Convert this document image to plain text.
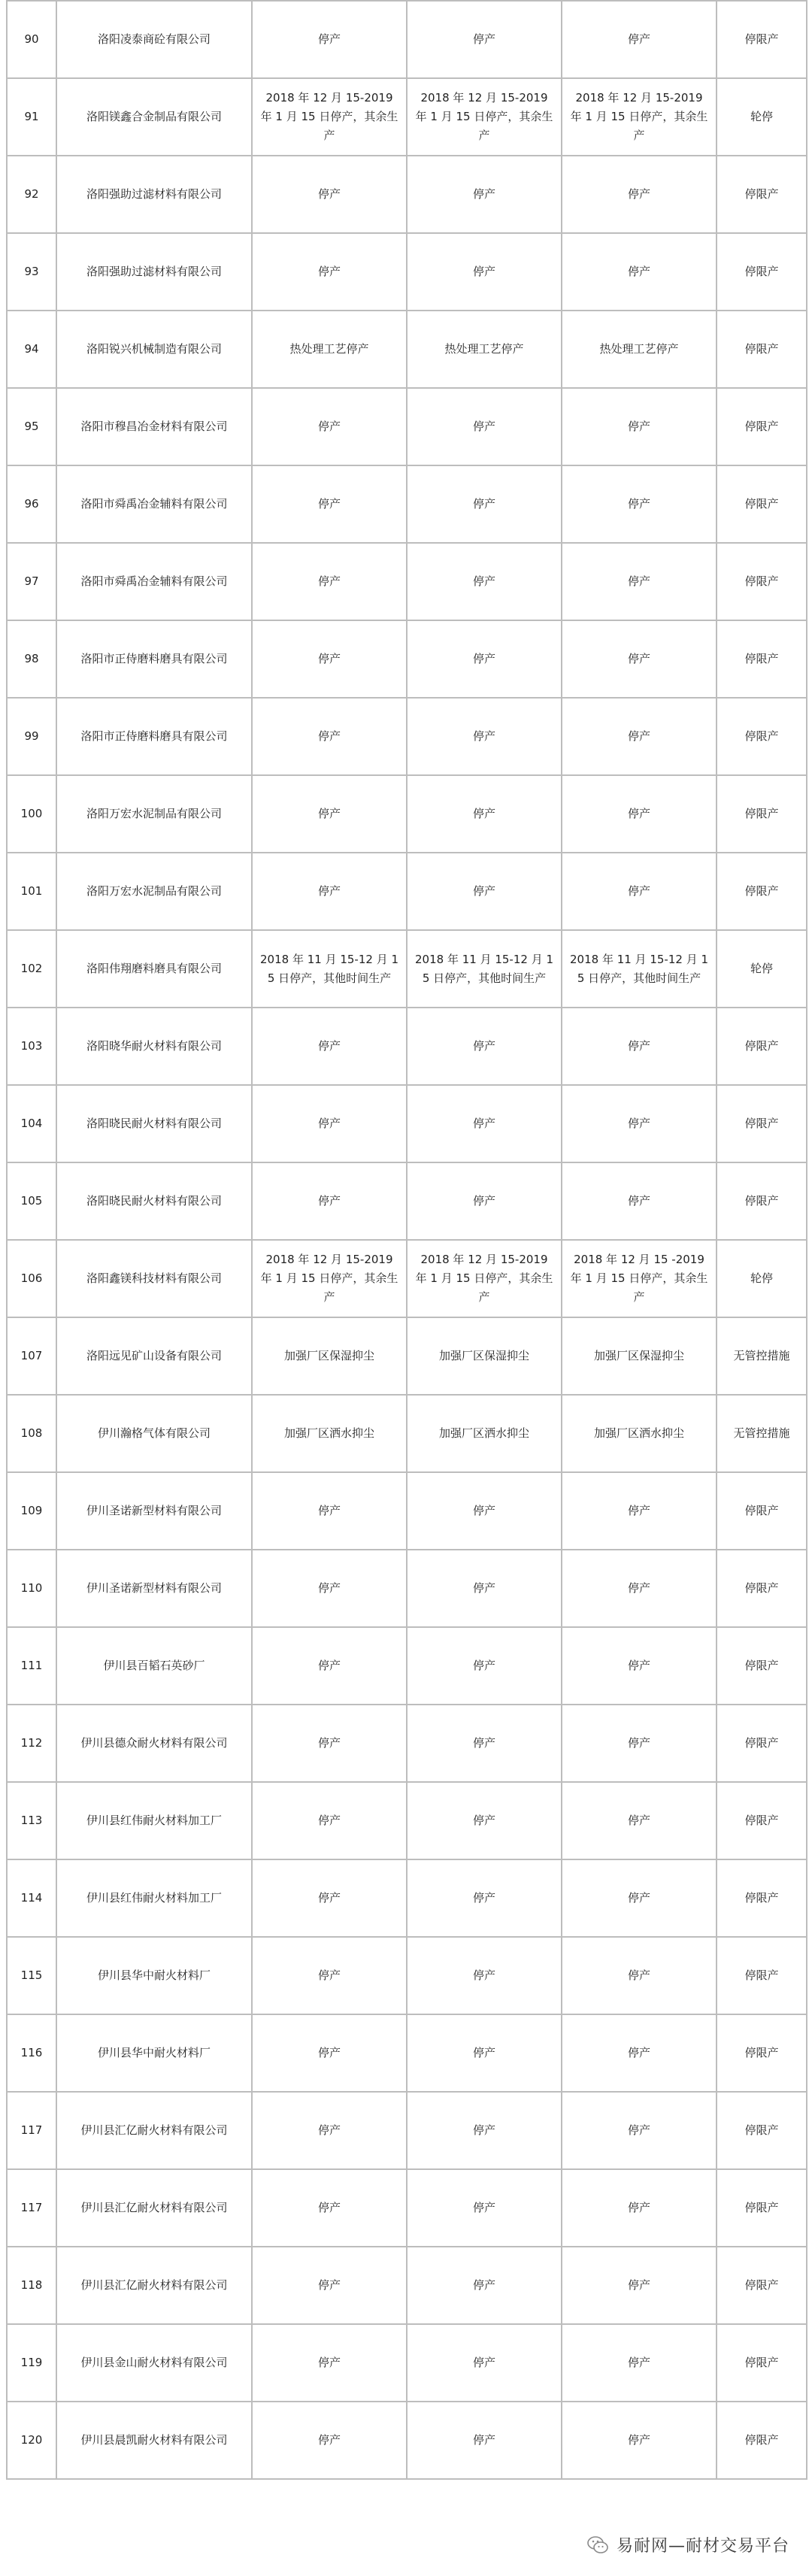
90	洛阳凌泰商砼有限公司	停产	停产	停产	停限产
91	洛阳镁鑫合金制品有限公司	2018 年 12 月 15-2019 年 1 月 15 日停产，其余生产	2018 年 12 月 15-2019 年 1 月 15 日停产，其余生产	2018 年 12 月 15-2019 年 1 月 15 日停产，其余生产	轮停
92	洛阳强助过滤材料有限公司	停产	停产	停产	停限产
93	洛阳强助过滤材料有限公司	停产	停产	停产	停限产
94	洛阳锐兴机械制造有限公司	热处理工艺停产	热处理工艺停产	热处理工艺停产	停限产
95	洛阳市穆昌冶金材料有限公司	停产	停产	停产	停限产
96	洛阳市舜禹冶金辅料有限公司	停产	停产	停产	停限产
97	洛阳市舜禹冶金辅料有限公司	停产	停产	停产	停限产
98	洛阳市正侍磨料磨具有限公司	停产	停产	停产	停限产
99	洛阳市正侍磨料磨具有限公司	停产	停产	停产	停限产
100	洛阳万宏水泥制品有限公司	停产	停产	停产	停限产
101	洛阳万宏水泥制品有限公司	停产	停产	停产	停限产
102	洛阳伟翔磨料磨具有限公司	2018 年 11 月 15-12 月 15 日停产，其他时间生产	2018 年 11 月 15-12 月 15 日停产，其他时间生产	2018 年 11 月 15-12 月 15 日停产，其他时间生产	轮停
103	洛阳晓华耐火材料有限公司	停产	停产	停产	停限产
104	洛阳晓民耐火材料有限公司	停产	停产	停产	停限产
105	洛阳晓民耐火材料有限公司	停产	停产	停产	停限产
106	洛阳鑫镁科技材料有限公司	2018 年 12 月 15-2019 年 1 月 15 日停产，其余生产	2018 年 12 月 15-2019 年 1 月 15 日停产，其余生产	2018 年 12 月 15 -2019 年 1 月 15 日停产，其余生产	轮停
107	洛阳远见矿山设备有限公司	加强厂区保湿抑尘	加强厂区保湿抑尘	加强厂区保湿抑尘	无管控措施
108	伊川瀚格气体有限公司	加强厂区洒水抑尘	加强厂区洒水抑尘	加强厂区洒水抑尘	无管控措施
109	伊川圣诺新型材料有限公司	停产	停产	停产	停限产
110	伊川圣诺新型材料有限公司	停产	停产	停产	停限产
111	伊川县百韬石英砂厂	停产	停产	停产	停限产
112	伊川县德众耐火材料有限公司	停产	停产	停产	停限产
113	伊川县红伟耐火材料加工厂	停产	停产	停产	停限产
114	伊川县红伟耐火材料加工厂	停产	停产	停产	停限产
115	伊川县华中耐火材料厂	停产	停产	停产	停限产
116	伊川县华中耐火材料厂	停产	停产	停产	停限产
117	伊川县汇亿耐火材料有限公司	停产	停产	停产	停限产
117	伊川县汇亿耐火材料有限公司	停产	停产	停产	停限产
118	伊川县汇亿耐火材料有限公司	停产	停产	停产	停限产
119	伊川县金山耐火材料有限公司	停产	停产	停产	停限产
120	伊川县晨凯耐火材料有限公司	停产	停产	停产	停限产
易耐网—耐材交易平台
